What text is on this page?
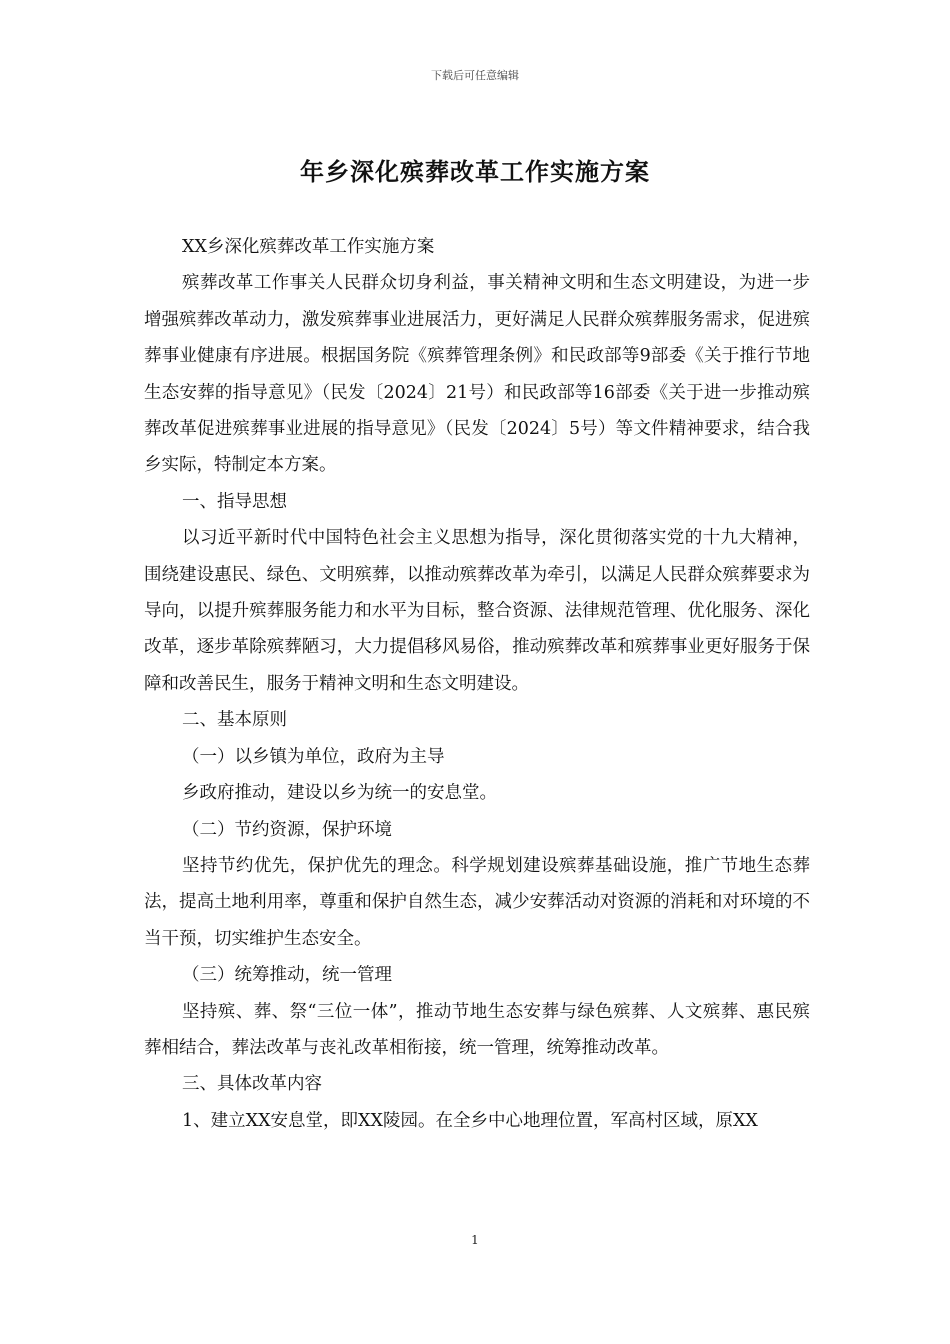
下载后可任意编辑
年乡深化殡葬改革工作实施方案

XX乡深化殡葬改革工作实施方案

殡葬改革工作事关人民群众切身利益，事关精神文明和生态文明建设，为进一步增强殡葬改革动力，激发殡葬事业进展活力，更好满足人民群众殡葬服务需求，促进殡葬事业健康有序进展。根据国务院《殡葬管理条例》和民政部等9部委《关于推行节地生态安葬的指导意见》（民发〔2024〕21号）和民政部等16部委《关于进一步推动殡葬改革促进殡葬事业进展的指导意见》（民发〔2024〕5号）等文件精神要求，结合我乡实际，特制定本方案。

一、指导思想

以习近平新时代中国特色社会主义思想为指导，深化贯彻落实党的十九大精神，围绕建设惠民、绿色、文明殡葬，以推动殡葬改革为牵引，以满足人民群众殡葬要求为导向，以提升殡葬服务能力和水平为目标，整合资源、法律规范管理、优化服务、深化改革，逐步革除殡葬陋习，大力提倡移风易俗，推动殡葬改革和殡葬事业更好服务于保障和改善民生，服务于精神文明和生态文明建设。

二、基本原则

（一）以乡镇为单位，政府为主导

乡政府推动，建设以乡为统一的安息堂。

（二）节约资源，保护环境

坚持节约优先，保护优先的理念。科学规划建设殡葬基础设施，推广节地生态葬法，提高土地利用率，尊重和保护自然生态，减少安葬活动对资源的消耗和对环境的不当干预，切实维护生态安全。

（三）统筹推动，统一管理

坚持殡、葬、祭“三位一体”，推动节地生态安葬与绿色殡葬、人文殡葬、惠民殡葬相结合，葬法改革与丧礼改革相衔接，统一管理，统筹推动改革。

三、具体改革内容

1、建立XX安息堂，即XX陵园。在全乡中心地理位置，军高村区域，原XX

1
